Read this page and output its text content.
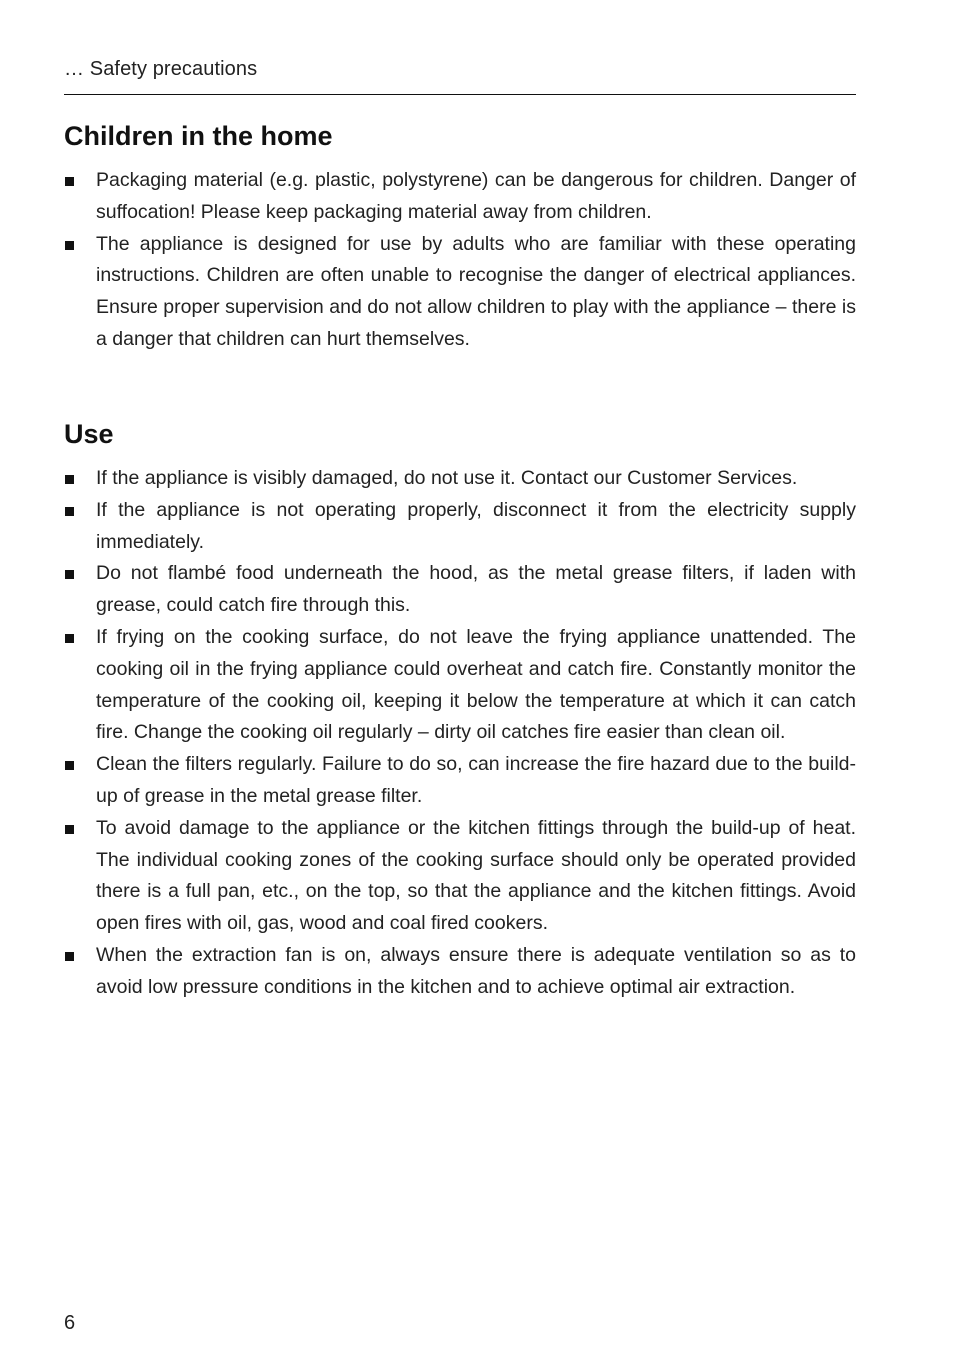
… Safety precautions
Children in the home
Packaging material (e.g. plastic, polystyrene) can be dangerous for children. Danger of suffocation! Please keep packaging material away from children.
The appliance is designed for use by adults who are familiar with these operating instructions. Children are often unable to recognise the danger of electrical appliances. Ensure proper supervision and do not allow children to play with the appliance – there is a danger that children can hurt themselves.
Use
If the appliance is visibly damaged, do not use it. Contact our Customer Services.
If the appliance is not operating properly, disconnect it from the electricity supply immediately.
Do not flambé food underneath the hood, as the metal grease filters, if laden with grease, could catch fire through this.
If frying on the cooking surface, do not leave the frying appliance unattended. The cooking oil in the frying appliance could overheat and catch fire. Constantly monitor the temperature of the cooking oil, keeping it below the temperature at which it can catch fire. Change the cooking oil regularly – dirty oil catches fire easier than clean oil.
Clean the filters regularly. Failure to do so, can increase the fire hazard due to the build-up of grease in the metal grease filter.
To avoid damage to the appliance or the kitchen fittings through the build-up of heat. The individual cooking zones of the cooking surface should only be operated provided there is a full pan, etc., on the top, so that the appliance and the kitchen fittings. Avoid open fires with oil, gas, wood and coal fired cookers.
When the extraction fan is on, always ensure there is adequate ventilation so as to avoid low pressure conditions in the kitchen and to achieve optimal air extraction.
6
